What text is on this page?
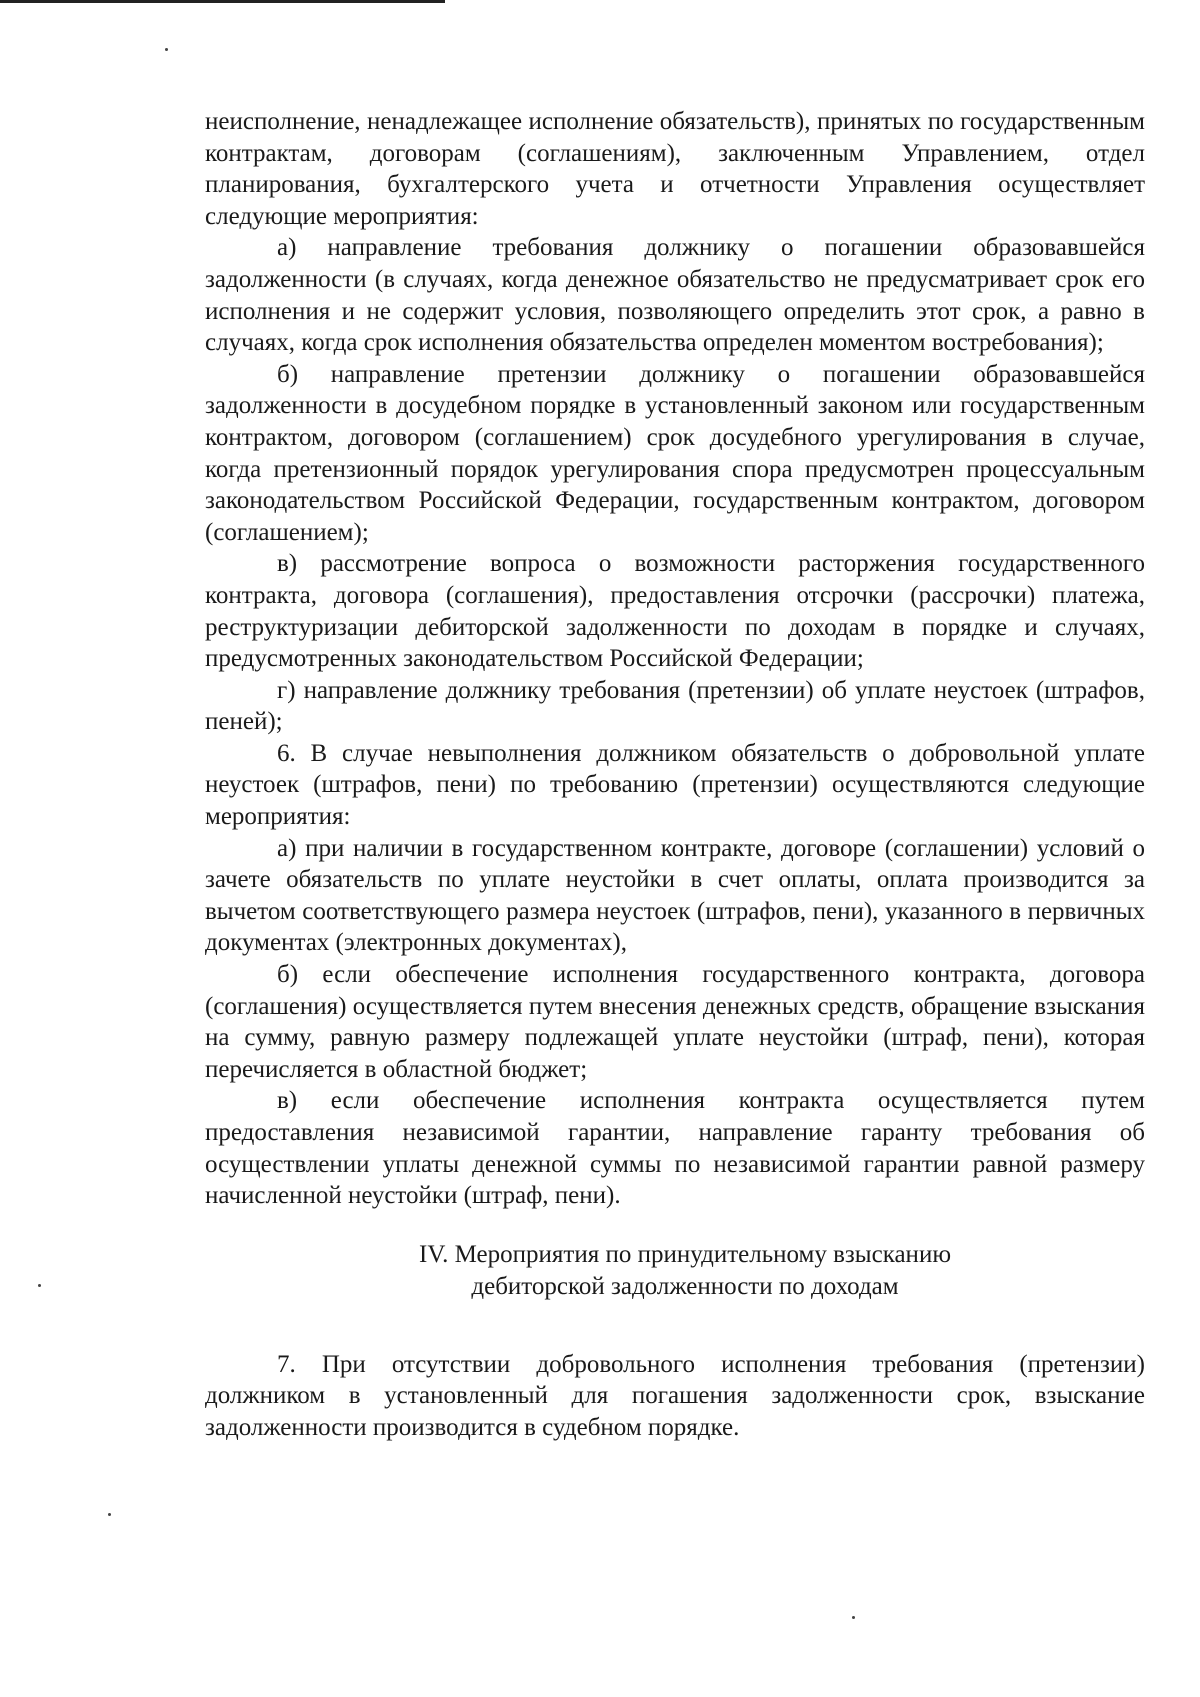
неисполнение, ненадлежащее исполнение обязательств), принятых по государственным контрактам, договорам (соглашениям), заключенным Управлением, отдел планирования, бухгалтерского учета и отчетности Управления осуществляет следующие мероприятия:

а) направление требования должнику о погашении образовавшейся задолженности (в случаях, когда денежное обязательство не предусматривает срок его исполнения и не содержит условия, позволяющего определить этот срок, а равно в случаях, когда срок исполнения обязательства определен моментом востребования);

б) направление претензии должнику о погашении образовавшейся задолженности в досудебном порядке в установленный законом или государственным контрактом, договором (соглашением) срок досудебного урегулирования в случае, когда претензионный порядок урегулирования спора предусмотрен процессуальным законодательством Российской Федерации, государственным контрактом, договором (соглашением);

в) рассмотрение вопроса о возможности расторжения государственного контракта, договора (соглашения), предоставления отсрочки (рассрочки) платежа, реструктуризации дебиторской задолженности по доходам в порядке и случаях, предусмотренных законодательством Российской Федерации;

г) направление должнику требования (претензии) об уплате неустоек (штрафов, пеней);

6. В случае невыполнения должником обязательств о добровольной уплате неустоек (штрафов, пени) по требованию (претензии) осуществляются следующие мероприятия:

а) при наличии в государственном контракте, договоре (соглашении) условий о зачете обязательств по уплате неустойки в счет оплаты, оплата производится за вычетом соответствующего размера неустоек (штрафов, пени), указанного в первичных документах (электронных документах),

б) если обеспечение исполнения государственного контракта, договора (соглашения) осуществляется путем внесения денежных средств, обращение взыскания на сумму, равную размеру подлежащей уплате неустойки (штраф, пени), которая перечисляется в областной бюджет;

в) если обеспечение исполнения контракта осуществляется путем предоставления независимой гарантии, направление гаранту требования об осуществлении уплаты денежной суммы по независимой гарантии равной размеру начисленной неустойки (штраф, пени).

IV. Мероприятия по принудительному взысканию
дебиторской задолженности по доходам

7. При отсутствии добровольного исполнения требования (претензии) должником в установленный для погашения задолженности срок, взыскание задолженности производится в судебном порядке.
